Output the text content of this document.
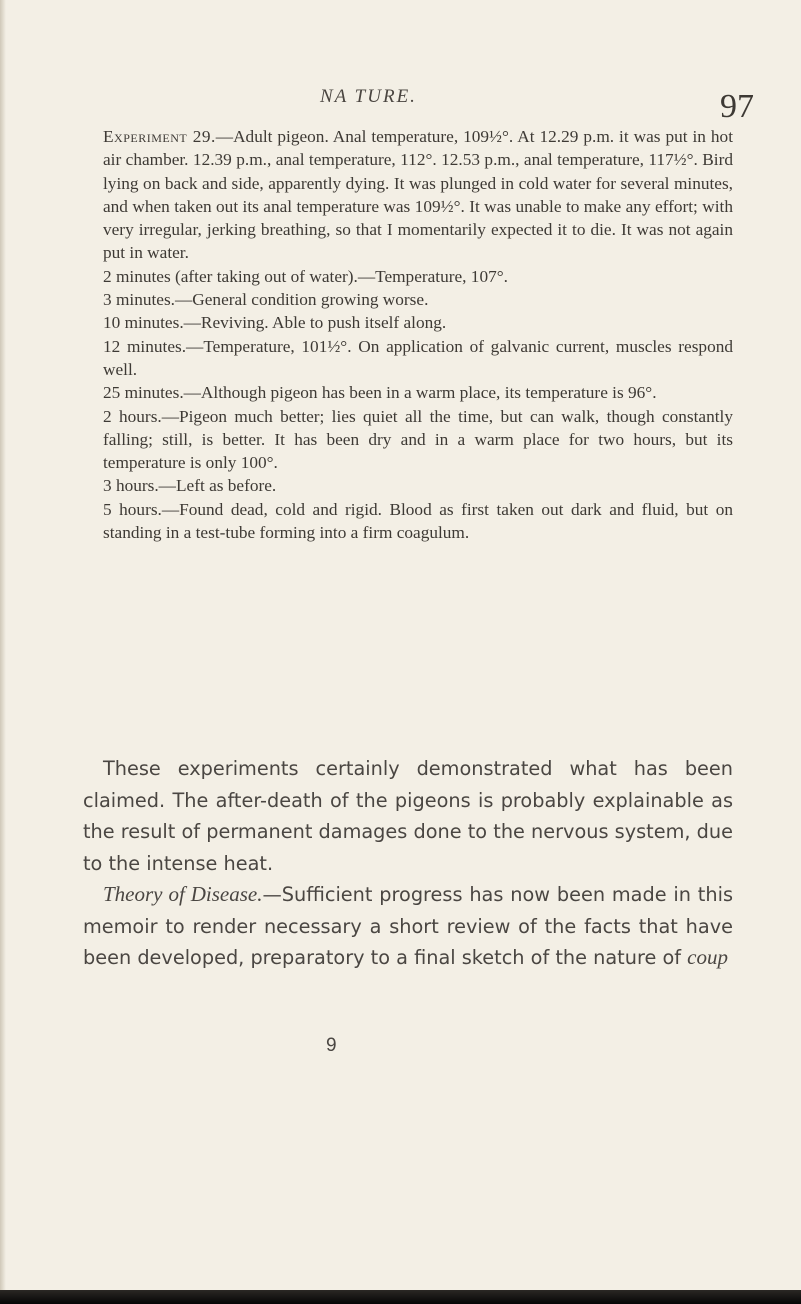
NA TURE.	97

Experiment 29.—Adult pigeon. Anal temperature, 109½°. At 12.29 p.m. it was put in hot air chamber. 12.39 p.m., anal temperature, 112°. 12.53 p.m., anal temperature, 117½°. Bird lying on back and side, apparently dying. It was plunged in cold water for several minutes, and when taken out its anal temperature was 109½°. It was unable to make any effort; with very irregular, jerking breathing, so that I momentarily expected it to die. It was not again put in water.

2 minutes (after taking out of water).—Temperature, 107°.

3 minutes.—General condition growing worse.

10 minutes.—Reviving. Able to push itself along.

12 minutes.—Temperature, 101½°. On application of galvanic current, muscles respond well.

25 minutes.—Although pigeon has been in a warm place, its temperature is 96°.

2 hours.—Pigeon much better; lies quiet all the time, but can walk, though constantly falling; still, is better. It has been dry and in a warm place for two hours, but its temperature is only 100°.

3 hours.—Left as before.

5 hours.—Found dead, cold and rigid. Blood as first taken out dark and fluid, but on standing in a test-tube forming into a firm coagulum.

These experiments certainly demonstrated what has been claimed. The after-death of the pigeons is probably explainable as the result of permanent damages done to the nervous system, due to the intense heat.

Theory of Disease.—Sufficient progress has now been made in this memoir to render necessary a short review of the facts that have been developed, preparatory to a final sketch of the nature of coup

9
